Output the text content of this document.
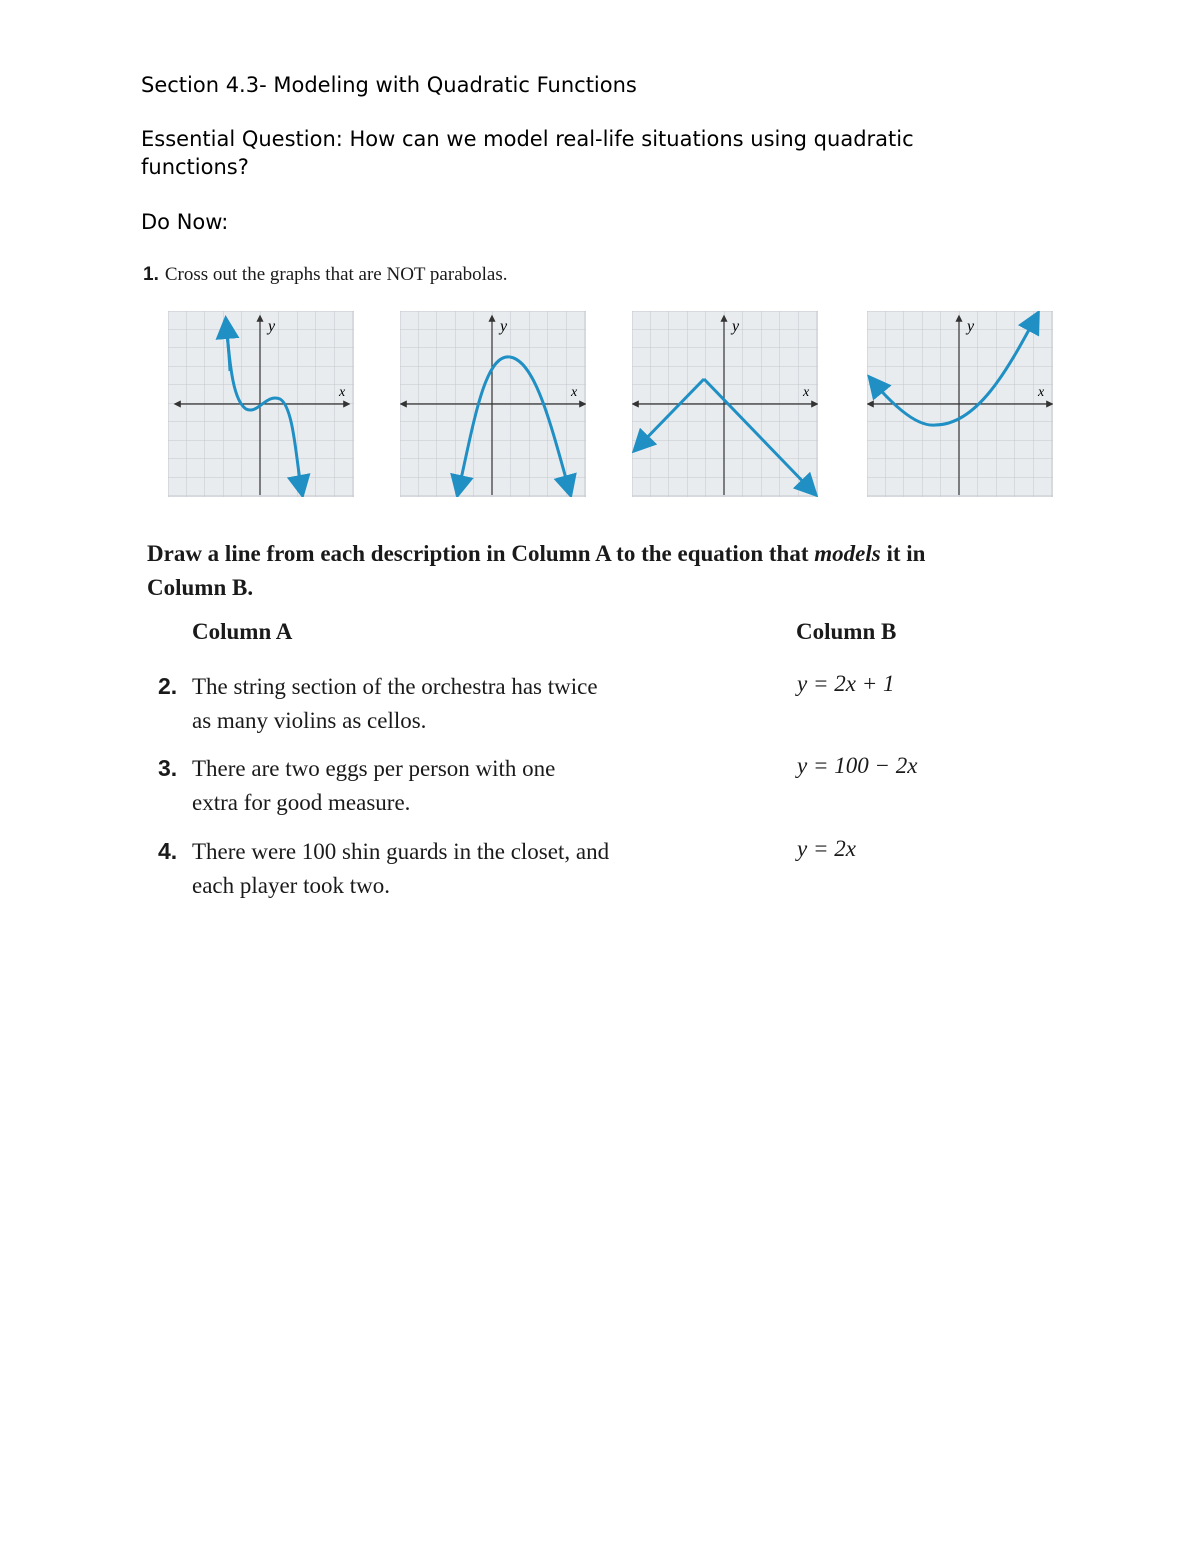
Section 4.3- Modeling with Quadratic Functions
Essential Question: How can we model real-life situations using quadratic
functions?
Do Now:
1. Cross out the graphs that are NOT parabolas.
y
x
y
x
y
x
y
x
Draw a line from each description in Column A to the equation that models it in
Column B.
Column A	Column B
2. The string section of the orchestra has twice
as many violins as cellos.
3. There are two eggs per person with one
extra for good measure.
4. There were 100 shin guards in the closet, and
each player took two.
y = 2x + 1
y = 100 − 2x
y = 2x
